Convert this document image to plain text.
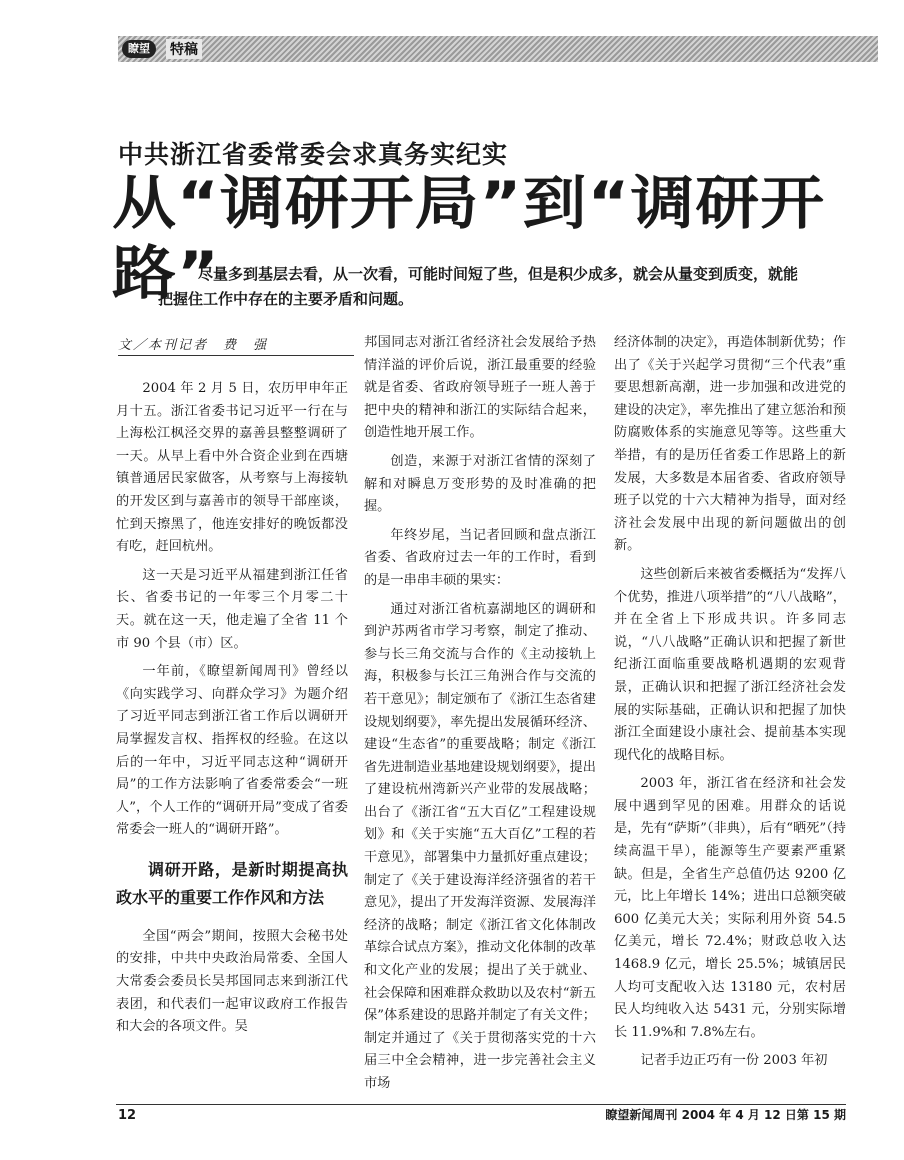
瞭望	特稿
中共浙江省委常委会求真务实纪实
从“调研开局”到“调研开路”
尽量多到基层去看，从一次看，可能时间短了些，但是积少成多，就会从量变到质变，就能把握住工作中存在的主要矛盾和问题。
文／本刊记者　费　强

2004 年 2 月 5 日，农历甲申年正月十五。浙江省委书记习近平一行在与上海松江枫泾交界的嘉善县整整调研了一天。从早上看中外合资企业到在西塘镇普通居民家做客，从考察与上海接轨的开发区到与嘉善市的领导干部座谈，忙到天擦黑了，他连安排好的晚饭都没有吃，赶回杭州。

这一天是习近平从福建到浙江任省长、省委书记的一年零三个月零二十天。就在这一天，他走遍了全省 11 个市 90 个县（市）区。

一年前，《瞭望新闻周刊》曾经以《向实践学习、向群众学习》为题介绍了习近平同志到浙江省工作后以调研开局掌握发言权、指挥权的经验。在这以后的一年中，习近平同志这种“调研开局”的工作方法影响了省委常委会“一班人”，个人工作的“调研开局”变成了省委常委会一班人的“调研开路”。

调研开路，是新时期提高执政水平的重要工作作风和方法

全国“两会”期间，按照大会秘书处的安排，中共中央政治局常委、全国人大常委会委员长吴邦国同志来到浙江代表团，和代表们一起审议政府工作报告和大会的各项文件。吴

邦国同志对浙江省经济社会发展给予热情洋溢的评价后说，浙江最重要的经验就是省委、省政府领导班子一班人善于把中央的精神和浙江的实际结合起来，创造性地开展工作。

创造，来源于对浙江省情的深刻了解和对瞬息万变形势的及时准确的把握。

年终岁尾，当记者回顾和盘点浙江省委、省政府过去一年的工作时，看到的是一串串丰硕的果实：

通过对浙江省杭嘉湖地区的调研和到沪苏两省市学习考察，制定了推动、参与长三角交流与合作的《主动接轨上海，积极参与长江三角洲合作与交流的若干意见》；制定颁布了《浙江生态省建设规划纲要》，率先提出发展循环经济、建设“生态省”的重要战略；制定《浙江省先进制造业基地建设规划纲要》，提出了建设杭州湾新兴产业带的发展战略；出台了《浙江省“五大百亿”工程建设规划》和《关于实施“五大百亿”工程的若干意见》，部署集中力量抓好重点建设；制定了《关于建设海洋经济强省的若干意见》，提出了开发海洋资源、发展海洋经济的战略；制定《浙江省文化体制改革综合试点方案》，推动文化体制的改革和文化产业的发展；提出了关于就业、社会保障和困难群众救助以及农村“新五保”体系建设的思路并制定了有关文件；制定并通过了《关于贯彻落实党的十六届三中全会精神，进一步完善社会主义市场

经济体制的决定》，再造体制新优势；作出了《关于兴起学习贯彻“三个代表”重要思想新高潮，进一步加强和改进党的建设的决定》，率先推出了建立惩治和预防腐败体系的实施意见等等。这些重大举措，有的是历任省委工作思路上的新发展，大多数是本届省委、省政府领导班子以党的十六大精神为指导，面对经济社会发展中出现的新问题做出的创新。

这些创新后来被省委概括为“发挥八个优势，推进八项举措”的“八八战略”，并在全省上下形成共识。许多同志说，“八八战略”正确认识和把握了新世纪浙江面临重要战略机遇期的宏观背景，正确认识和把握了浙江经济社会发展的实际基础，正确认识和把握了加快浙江全面建设小康社会、提前基本实现现代化的战略目标。

2003 年，浙江省在经济和社会发展中遇到罕见的困难。用群众的话说是，先有“萨斯”（非典），后有“晒死”（持续高温干旱），能源等生产要素严重紧缺。但是，全省生产总值仍达 9200 亿元，比上年增长 14%；进出口总额突破 600 亿美元大关；实际利用外资 54.5 亿美元，增长 72.4%；财政总收入达 1468.9 亿元，增长 25.5%；城镇居民人均可支配收入达 13180 元，农村居民人均纯收入达 5431 元，分别实际增长 11.9%和 7.8%左右。

记者手边正巧有一份 2003 年初

12	瞭望新闻周刊 2004 年 4 月 12 日第 15 期
